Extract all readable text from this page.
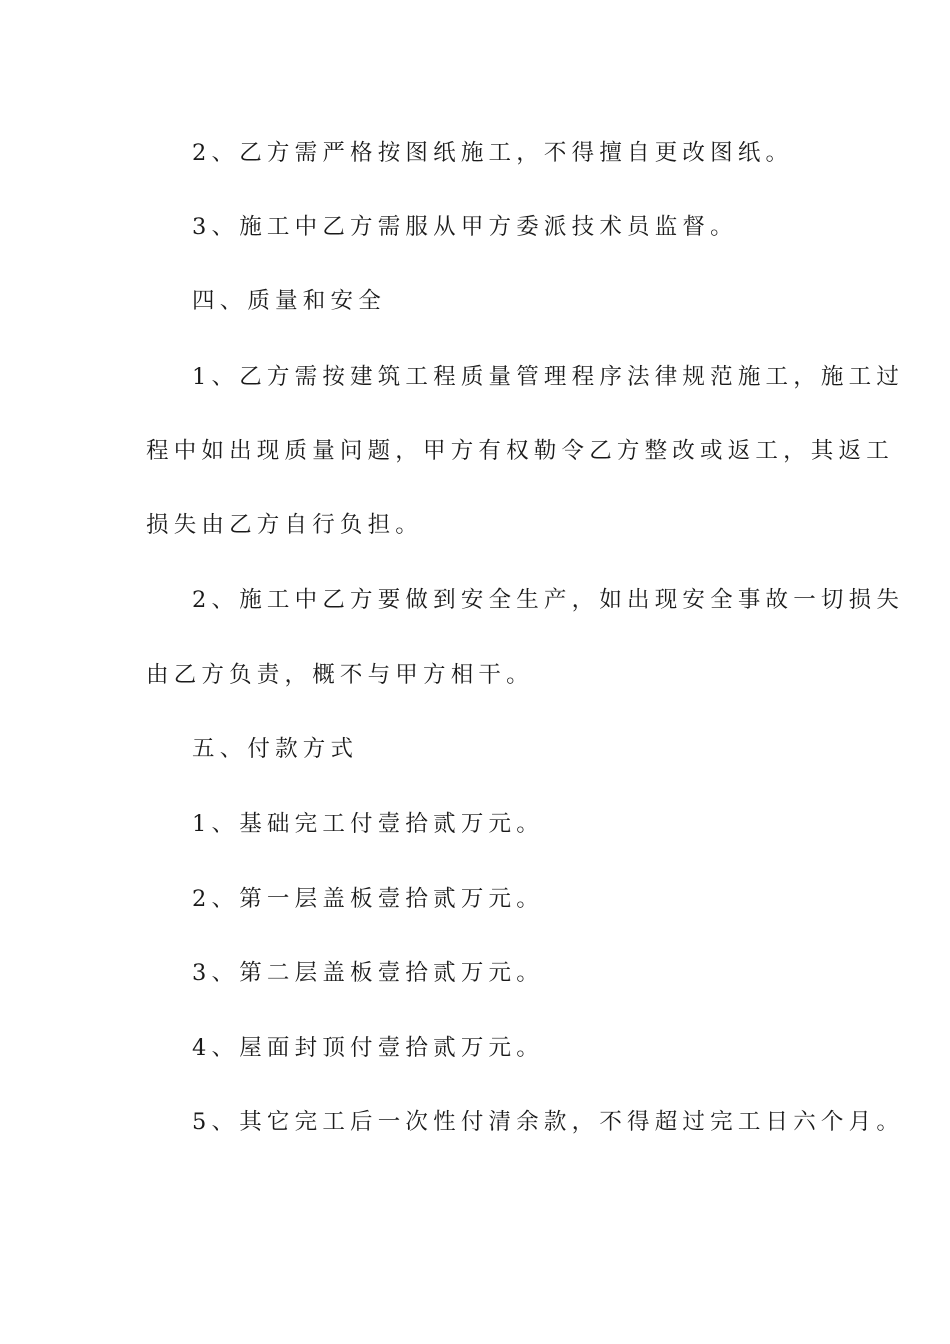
2、乙方需严格按图纸施工，不得擅自更改图纸。
3、施工中乙方需服从甲方委派技术员监督。
四、质量和安全
1、乙方需按建筑工程质量管理程序法律规范施工，施工过
程中如出现质量问题，甲方有权勒令乙方整改或返工，其返工
损失由乙方自行负担。
2、施工中乙方要做到安全生产，如出现安全事故一切损失
由乙方负责，概不与甲方相干。
五、付款方式
1、基础完工付壹拾贰万元。
2、第一层盖板壹拾贰万元。
3、第二层盖板壹拾贰万元。
4、屋面封顶付壹拾贰万元。
5、其它完工后一次性付清余款，不得超过完工日六个月。
